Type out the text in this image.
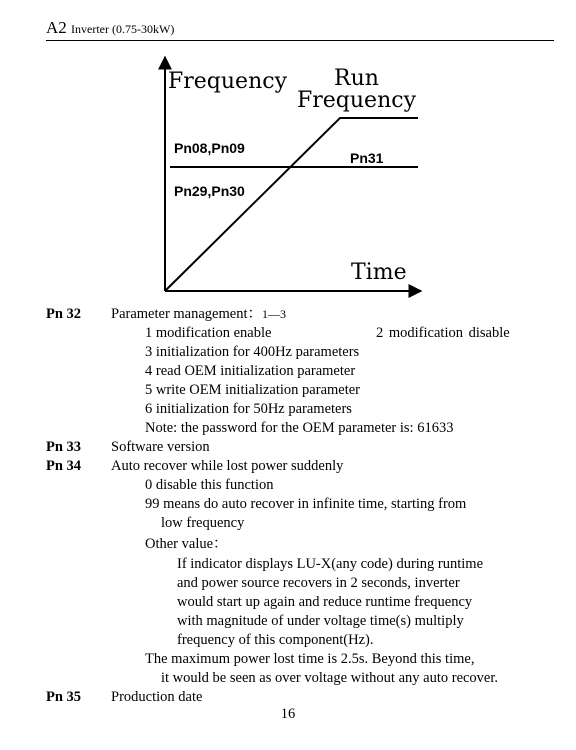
A2 Inverter (0.75-30kW)
Frequency Run
Frequency
Pn08,Pn09
Pn31
Pn29,Pn30
Time
Pn 32 Parameter management：1—3
1 modification enable	2 modification disable
3 initialization for 400Hz parameters
4 read OEM initialization parameter
5 write OEM initialization parameter
6 initialization for 50Hz parameters
Note: the password for the OEM parameter is: 61633
Pn 33 Software version
Pn 34 Auto recover while lost power suddenly
0 disable this function
99 means do auto recover in infinite time, starting from
low frequency
Other value：
If indicator displays LU-X(any code) during runtime
and power source recovers in 2 seconds, inverter
would start up again and reduce runtime frequency
with magnitude of under voltage time(s) multiply
frequency of this component(Hz).
The maximum power lost time is 2.5s. Beyond this time,
it would be seen as over voltage without any auto recover.
Pn 35 Production date
16
